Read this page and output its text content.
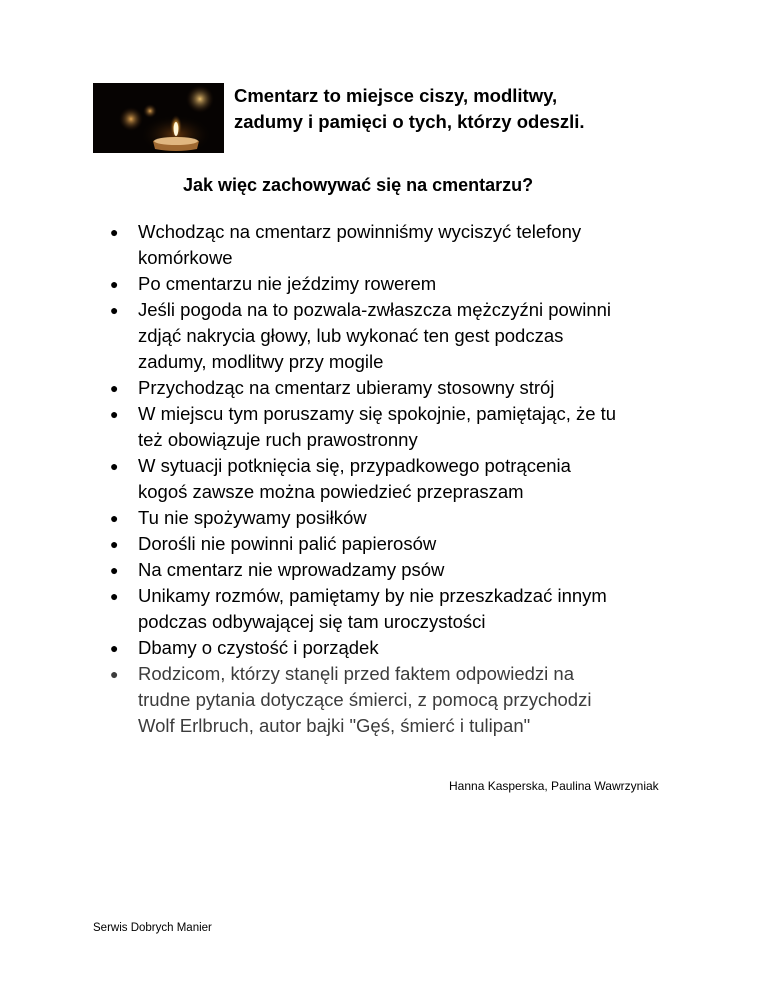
Cmentarz to miejsce ciszy, modlitwy,
zadumy i pamięci o tych, którzy odeszli.
Jak więc zachowywać się na cmentarzu?
● Wchodząc na cmentarz powinniśmy wyciszyć telefony
komórkowe
● Po cmentarzu nie jeździmy rowerem
● Jeśli pogoda na to pozwala-zwłaszcza mężczyźni powinni
zdjąć nakrycia głowy, lub wykonać ten gest podczas
zadumy, modlitwy przy mogile
● Przychodząc na cmentarz ubieramy stosowny strój
● W miejscu tym poruszamy się spokojnie, pamiętając, że tu
też obowiązuje ruch prawostronny
● W sytuacji potknięcia się, przypadkowego potrącenia
kogoś zawsze można powiedzieć przepraszam
● Tu nie spożywamy posiłków
● Dorośli nie powinni palić papierosów
● Na cmentarz nie wprowadzamy psów
● Unikamy rozmów, pamiętamy by nie przeszkadzać innym
podczas odbywającej się tam uroczystości
● Dbamy o czystość i porządek
● Rodzicom, którzy stanęli przed faktem odpowiedzi na
trudne pytania dotyczące śmierci, z pomocą przychodzi
Wolf Erlbruch, autor bajki "Gęś, śmierć i tulipan"
Hanna Kasperska, Paulina Wawrzyniak
Serwis Dobrych Manier
